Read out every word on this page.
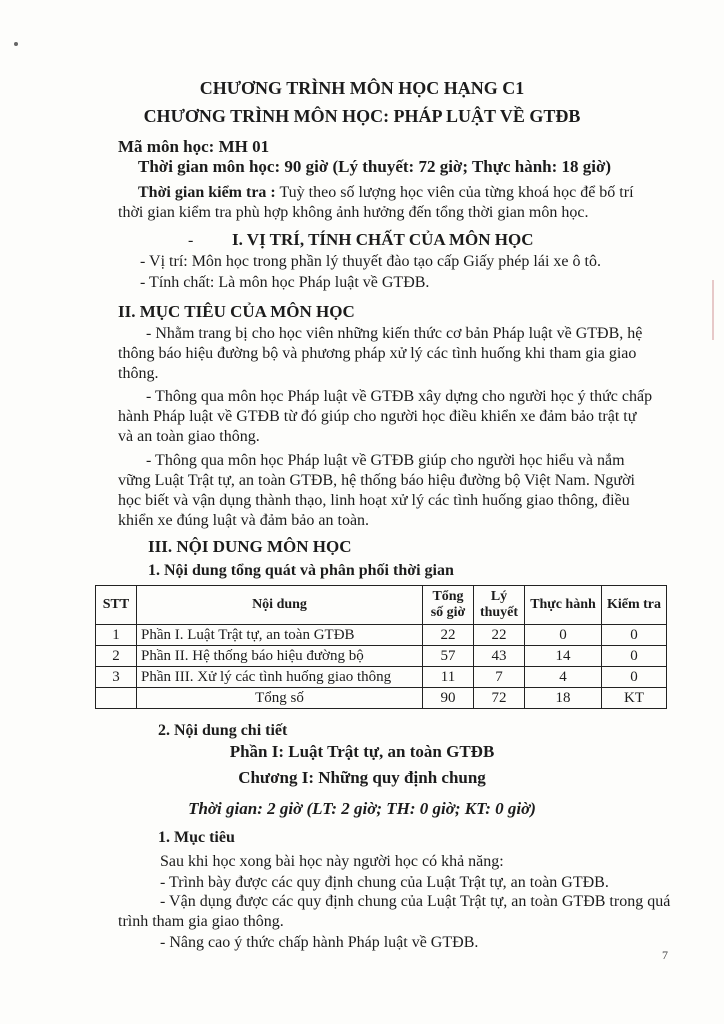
CHƯƠNG TRÌNH MÔN HỌC HẠNG C1
CHƯƠNG TRÌNH MÔN HỌC: PHÁP LUẬT VỀ GTĐB
Mã môn học: MH 01
Thời gian môn học: 90 giờ (Lý thuyết: 72 giờ; Thực hành: 18 giờ)
Thời gian kiểm tra : Tuỳ theo số lượng học viên của từng khoá học để bố trí thời gian kiểm tra phù hợp không ảnh hưởng đến tổng thời gian môn học.
- I. VỊ TRÍ, TÍNH CHẤT CỦA MÔN HỌC
- Vị trí: Môn học trong phần lý thuyết đào tạo cấp Giấy phép lái xe ô tô.
- Tính chất: Là môn học Pháp luật về GTĐB.
II. MỤC TIÊU CỦA MÔN HỌC
- Nhằm trang bị cho học viên những kiến thức cơ bản Pháp luật về GTĐB, hệ thông báo hiệu đường bộ và phương pháp xử lý các tình huống khi tham gia giao thông.
- Thông qua môn học Pháp luật về GTĐB xây dựng cho người học ý thức chấp hành Pháp luật về GTĐB từ đó giúp cho người học điều khiển xe đảm bảo trật tự và an toàn giao thông.
- Thông qua môn học Pháp luật về GTĐB giúp cho người học hiểu và nắm vững Luật Trật tự, an toàn GTĐB, hệ thống báo hiệu đường bộ Việt Nam. Người học biết và vận dụng thành thạo, linh hoạt xử lý các tình huống giao thông, điều khiển xe đúng luật và đảm bảo an toàn.
III. NỘI DUNG MÔN HỌC
1. Nội dung tổng quát và phân phối thời gian
STT	Nội dung	Tổng số giờ	Lý thuyết	Thực hành	Kiểm tra
1	Phần I. Luật Trật tự, an toàn GTĐB	22	22	0	0
2	Phần II. Hệ thống báo hiệu đường bộ	57	43	14	0
3	Phần III. Xử lý các tình huống giao thông	11	7	4	0
	Tổng số	90	72	18	KT
2. Nội dung chi tiết
Phần I: Luật Trật tự, an toàn GTĐB
Chương I: Những quy định chung
Thời gian: 2 giờ (LT: 2 giờ; TH: 0 giờ; KT: 0 giờ)
1. Mục tiêu
Sau khi học xong bài học này người học có khả năng:
- Trình bày được các quy định chung của Luật Trật tự, an toàn GTĐB.
- Vận dụng được các quy định chung của Luật Trật tự, an toàn GTĐB trong quá trình tham gia giao thông.
- Nâng cao ý thức chấp hành Pháp luật về GTĐB.
7
